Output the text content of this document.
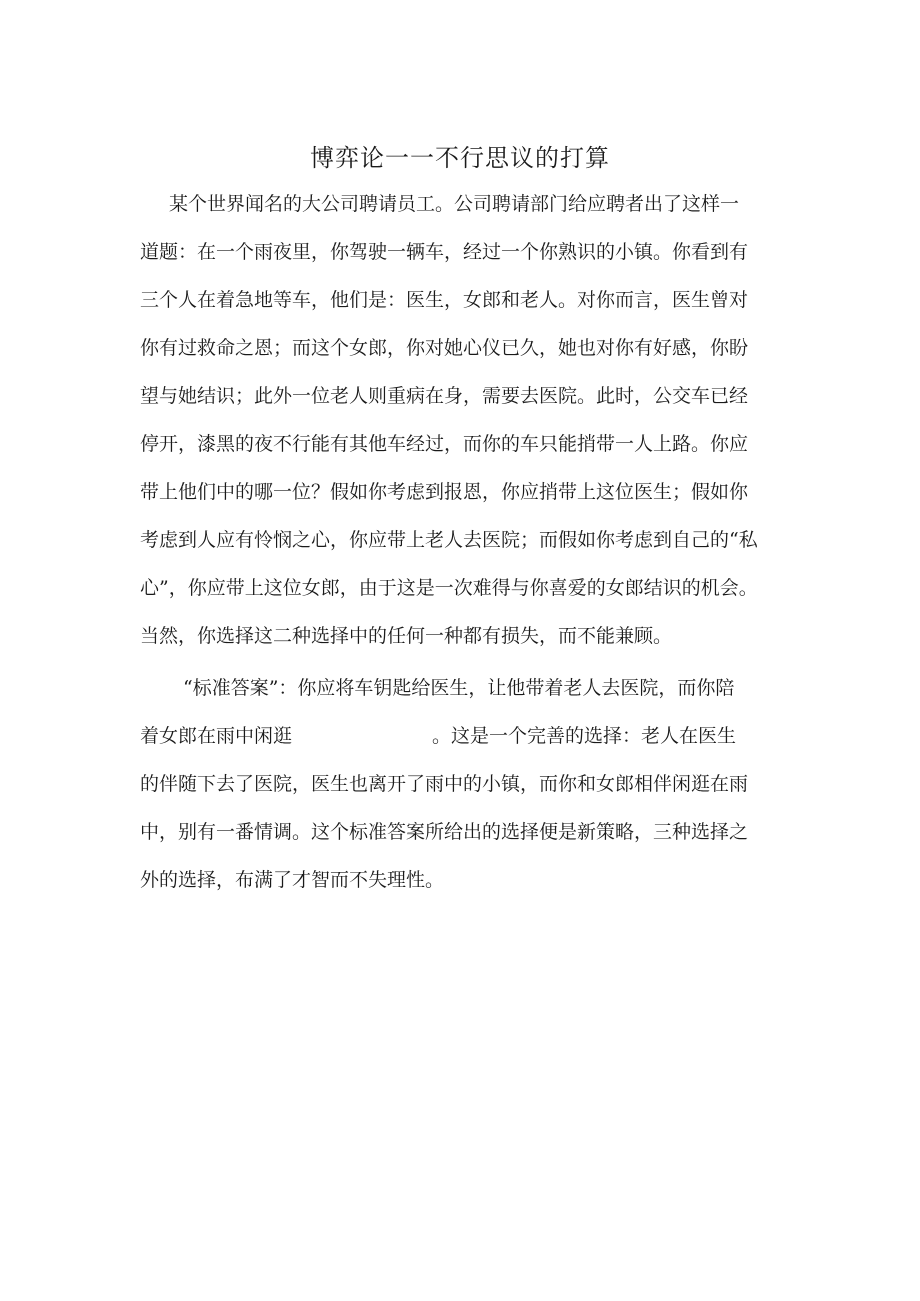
博弈论一一不行思议的打算
某个世界闻名的大公司聘请员工。公司聘请部门给应聘者出了这样一
道题：在一个雨夜里，你驾驶一辆车，经过一个你熟识的小镇。你看到有
三个人在着急地等车，他们是：医生，女郎和老人。对你而言，医生曾对
你有过救命之恩；而这个女郎，你对她心仪已久，她也对你有好感，你盼
望与她结识；此外一位老人则重病在身，需要去医院。此时，公交车已经
停开，漆黑的夜不行能有其他车经过，而你的车只能捎带一人上路。你应
带上他们中的哪一位？假如你考虑到报恩，你应捎带上这位医生；假如你
考虑到人应有怜悯之心，你应带上老人去医院；而假如你考虑到自己的“私
心”，你应带上这位女郎，由于这是一次难得与你喜爱的女郎结识的机会。
当然，你选择这二种选择中的任何一种都有损失，而不能兼顾。
“标准答案”：你应将车钥匙给医生，让他带着老人去医院，而你陪
着女郎在雨中闲逛	。这是一个完善的选择：老人在医生
的伴随下去了医院，医生也离开了雨中的小镇，而你和女郎相伴闲逛在雨
中，别有一番情调。这个标准答案所给出的选择便是新策略，三种选择之
外的选择，布满了才智而不失理性。
